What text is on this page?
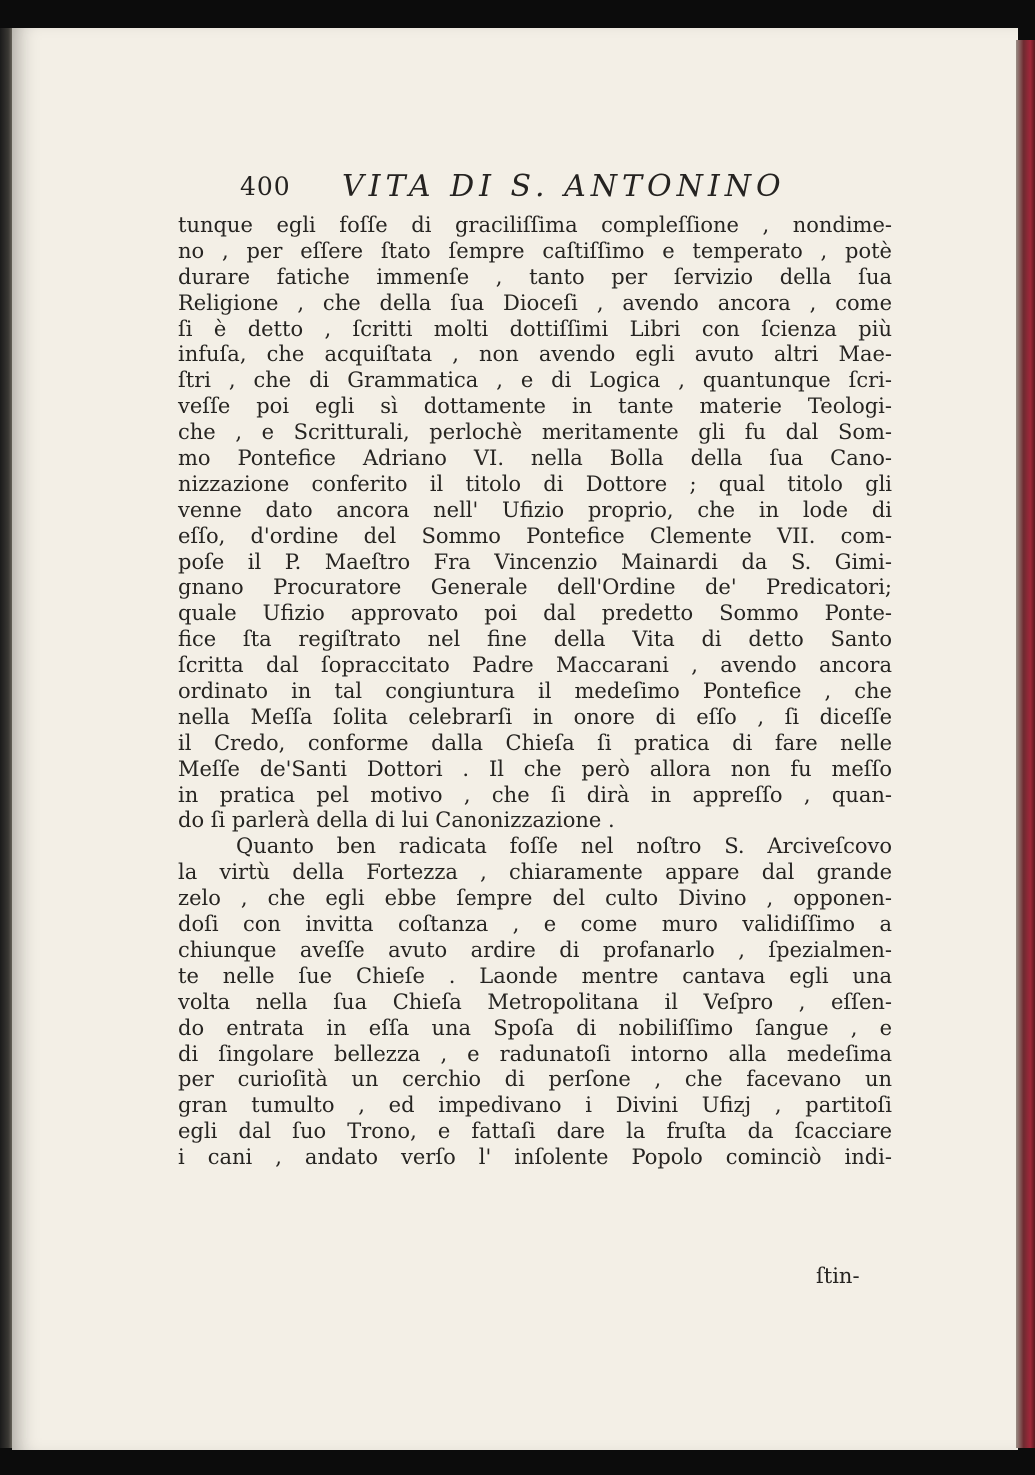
400 VITA DI S. ANTONINO
tunque egli foſſe di graciliſſima compleſſione , nondime-
no , per eſſere ſtato ſempre caſtiſſimo e temperato , potè
durare fatiche immenſe , tanto per ſervizio della ſua
Religione , che della ſua Dioceſi , avendo ancora , come
ſi è detto , ſcritti molti dottiſſimi Libri con ſcienza più
infuſa, che acquiſtata , non avendo egli avuto altri Mae-
ſtri , che di Grammatica , e di Logica , quantunque ſcri-
veſſe poi egli sì dottamente in tante materie Teologi-
che , e Scritturali, perlochè meritamente gli fu dal Som-
mo Pontefice Adriano VI. nella Bolla della ſua Cano-
nizzazione conferito il titolo di Dottore ; qual titolo gli
venne dato ancora nell' Ufizio proprio, che in lode di
eſſo, d'ordine del Sommo Pontefice Clemente VII. com-
poſe il P. Maeſtro Fra Vincenzio Mainardi da S. Gimi-
gnano Procuratore Generale dell'Ordine de' Predicatori;
quale Ufizio approvato poi dal predetto Sommo Ponte-
fice ſta regiſtrato nel fine della Vita di detto Santo
ſcritta dal ſopraccitato Padre Maccarani , avendo ancora
ordinato in tal congiuntura il medeſimo Pontefice , che
nella Meſſa ſolita celebrarſi in onore di eſſo , ſi diceſſe
il Credo, conforme dalla Chieſa ſi pratica di fare nelle
Meſſe de'Santi Dottori . Il che però allora non fu meſſo
in pratica pel motivo , che ſi dirà in appreſſo , quan-
do ſi parlerà della di lui Canonizzazione .
Quanto ben radicata foſſe nel noſtro S. Arciveſcovo
la virtù della Fortezza , chiaramente appare dal grande
zelo , che egli ebbe ſempre del culto Divino , opponen-
doſi con invitta coſtanza , e come muro validiſſimo a
chiunque aveſſe avuto ardire di profanarlo , ſpezialmen-
te nelle ſue Chieſe . Laonde mentre cantava egli una
volta nella ſua Chieſa Metropolitana il Veſpro , eſſen-
do entrata in eſſa una Spoſa di nobiliſſimo ſangue , e
di ſingolare bellezza , e radunatoſi intorno alla medeſima
per curioſità un cerchio di perſone , che facevano un
gran tumulto , ed impedivano i Divini Ufizj , partitoſi
egli dal ſuo Trono, e fattaſi dare la fruſta da ſcacciare
i cani , andato verſo l' inſolente Popolo cominciò indi-
ſtin-
